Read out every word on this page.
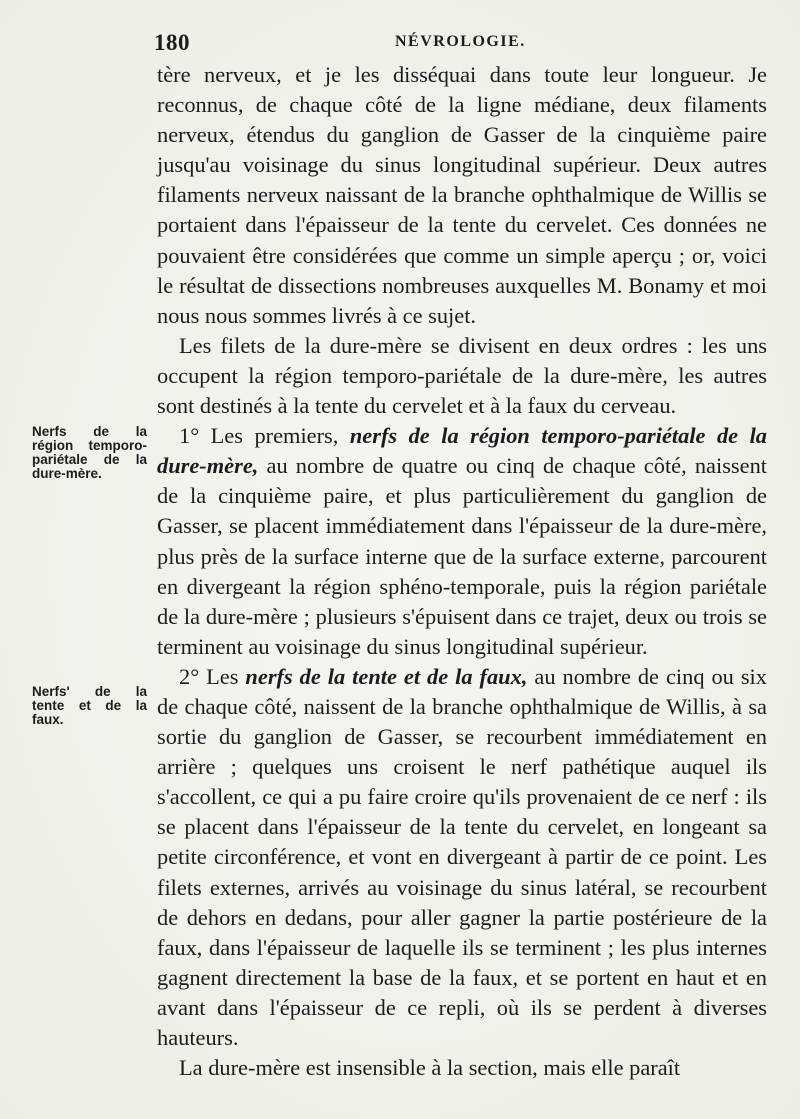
180	NÉVROLOGIE.
Nerfs de la
région temporo-
pariétale de la
dure-mère.
Nerfs' de la
tente et de la
faux.

tère nerveux, et je les disséquai dans toute leur longueur. Je reconnus, de chaque côté de la ligne médiane, deux filaments nerveux, étendus du ganglion de Gasser de la cinquième paire jusqu'au voisinage du sinus longitudinal supérieur. Deux autres filaments nerveux naissant de la branche ophthalmique de Willis se portaient dans l'épaisseur de la tente du cervelet. Ces données ne pouvaient être considérées que comme un simple aperçu ; or, voici le résultat de dissections nombreuses auxquelles M. Bonamy et moi nous nous sommes livrés à ce sujet.

Les filets de la dure-mère se divisent en deux ordres : les uns occupent la région temporo-pariétale de la dure-mère, les autres sont destinés à la tente du cervelet et à la faux du cerveau.

1° Les premiers, nerfs de la région temporo-pariétale de la dure-mère, au nombre de quatre ou cinq de chaque côté, naissent de la cinquième paire, et plus particulièrement du ganglion de Gasser, se placent immédiatement dans l'épaisseur de la dure-mère, plus près de la surface interne que de la surface externe, parcourent en divergeant la région sphéno-temporale, puis la région pariétale de la dure-mère ; plusieurs s'épuisent dans ce trajet, deux ou trois se terminent au voisinage du sinus longitudinal supérieur.

2° Les nerfs de la tente et de la faux, au nombre de cinq ou six de chaque côté, naissent de la branche ophthalmique de Willis, à sa sortie du ganglion de Gasser, se recourbent immédiatement en arrière ; quelques uns croisent le nerf pathétique auquel ils s'accollent, ce qui a pu faire croire qu'ils provenaient de ce nerf : ils se placent dans l'épaisseur de la tente du cervelet, en longeant sa petite circonférence, et vont en divergeant à partir de ce point. Les filets externes, arrivés au voisinage du sinus latéral, se recourbent de dehors en dedans, pour aller gagner la partie postérieure de la faux, dans l'épaisseur de laquelle ils se terminent ; les plus internes gagnent directement la base de la faux, et se portent en haut et en avant dans l'épaisseur de ce repli, où ils se perdent à diverses hauteurs.

La dure-mère est insensible à la section, mais elle paraît
